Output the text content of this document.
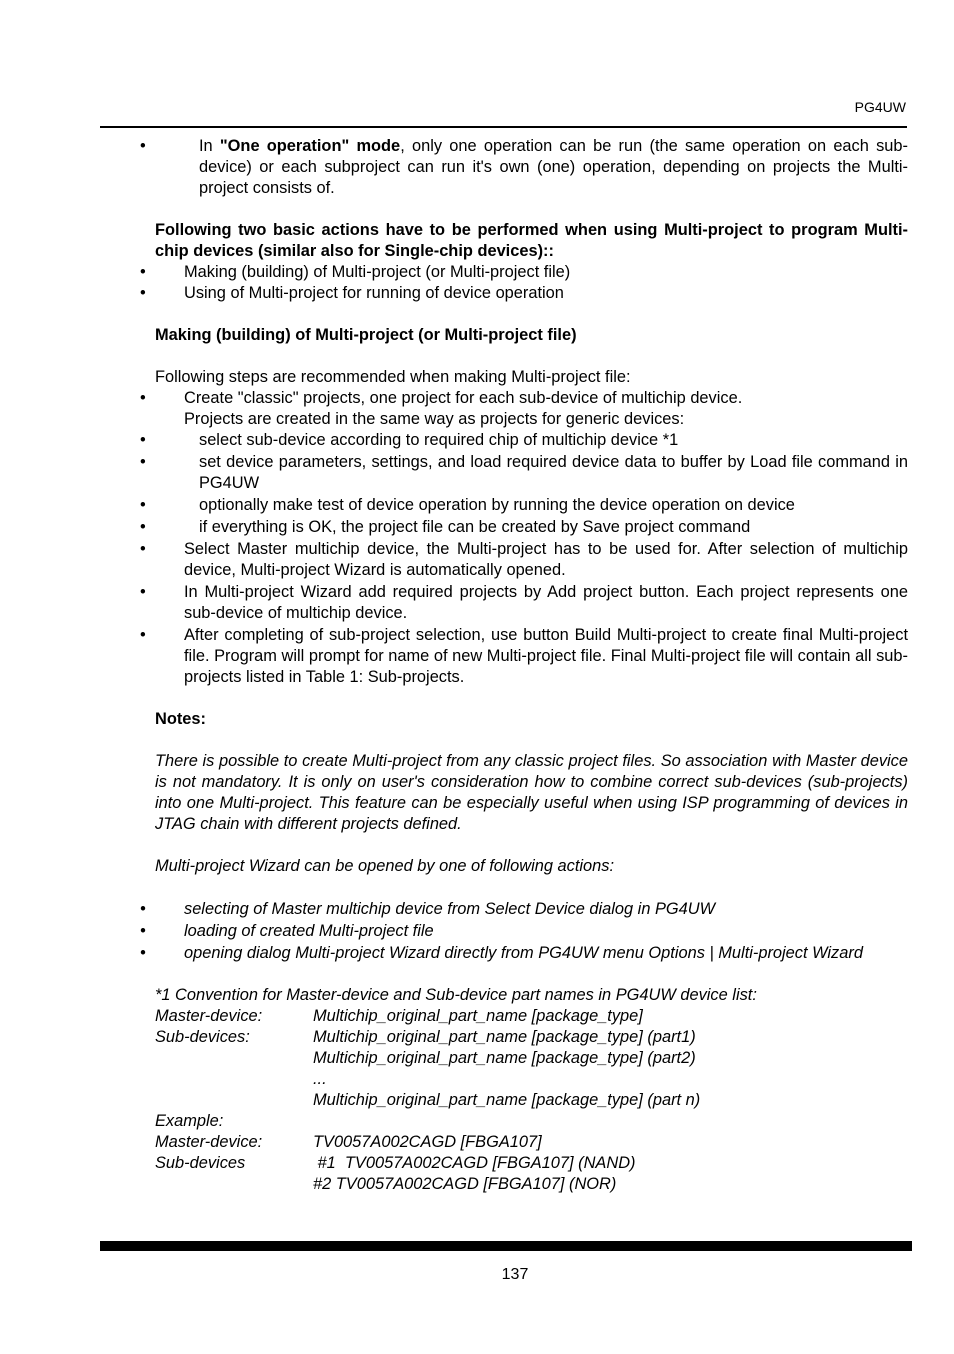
PG4UW
• In "One operation" mode, only one operation can be run (the same operation on each sub-device) or each subproject can run it's own (one) operation, depending on projects the Multi-project consists of.

Following two basic actions have to be performed when using Multi-project to program Multi-chip devices (similar also for Single-chip devices)::

• Making (building) of Multi-project (or Multi-project file)
• Using of Multi-project for running of device operation

Making (building) of Multi-project (or Multi-project file)

Following steps are recommended when making Multi-project file:

• Create "classic" projects, one project for each sub-device of multichip device.
Projects are created in the same way as projects for generic devices:
• select sub-device according to required chip of multichip device *1
• set device parameters, settings, and load required device data to buffer by Load file command in PG4UW
• optionally make test of device operation by running the device operation on device
• if everything is OK, the project file can be created by Save project command
• Select Master multichip device, the Multi-project has to be used for. After selection of multichip device, Multi-project Wizard is automatically opened.
• In Multi-project Wizard add required projects by Add project button. Each project represents one sub-device of multichip device.
• After completing of sub-project selection, use button Build Multi-project to create final Multi-project file. Program will prompt for name of new Multi-project file. Final Multi-project file will contain all sub-projects listed in Table 1: Sub-projects.

Notes:

There is possible to create Multi-project from any classic project files. So association with Master device is not mandatory. It is only on user's consideration how to combine correct sub-devices (sub-projects) into one Multi-project. This feature can be especially useful when using ISP programming of devices in JTAG chain with different projects defined.

Multi-project Wizard can be opened by one of following actions:

• selecting of Master multichip device from Select Device dialog in PG4UW
• loading of created Multi-project file
• opening dialog Multi-project Wizard directly from PG4UW menu Options | Multi-project Wizard

*1 Convention for Master-device and Sub-device part names in PG4UW device list:

Master-device:	Multichip_original_part_name [package_type]
Sub-devices:	Multichip_original_part_name [package_type] (part1)
Multichip_original_part_name [package_type] (part2)
...
Multichip_original_part_name [package_type] (part n)
Example:
Master-device:	TV0057A002CAGD [FBGA107]
Sub-devices	#1  TV0057A002CAGD [FBGA107] (NAND)
#2 TV0057A002CAGD [FBGA107] (NOR)
137
